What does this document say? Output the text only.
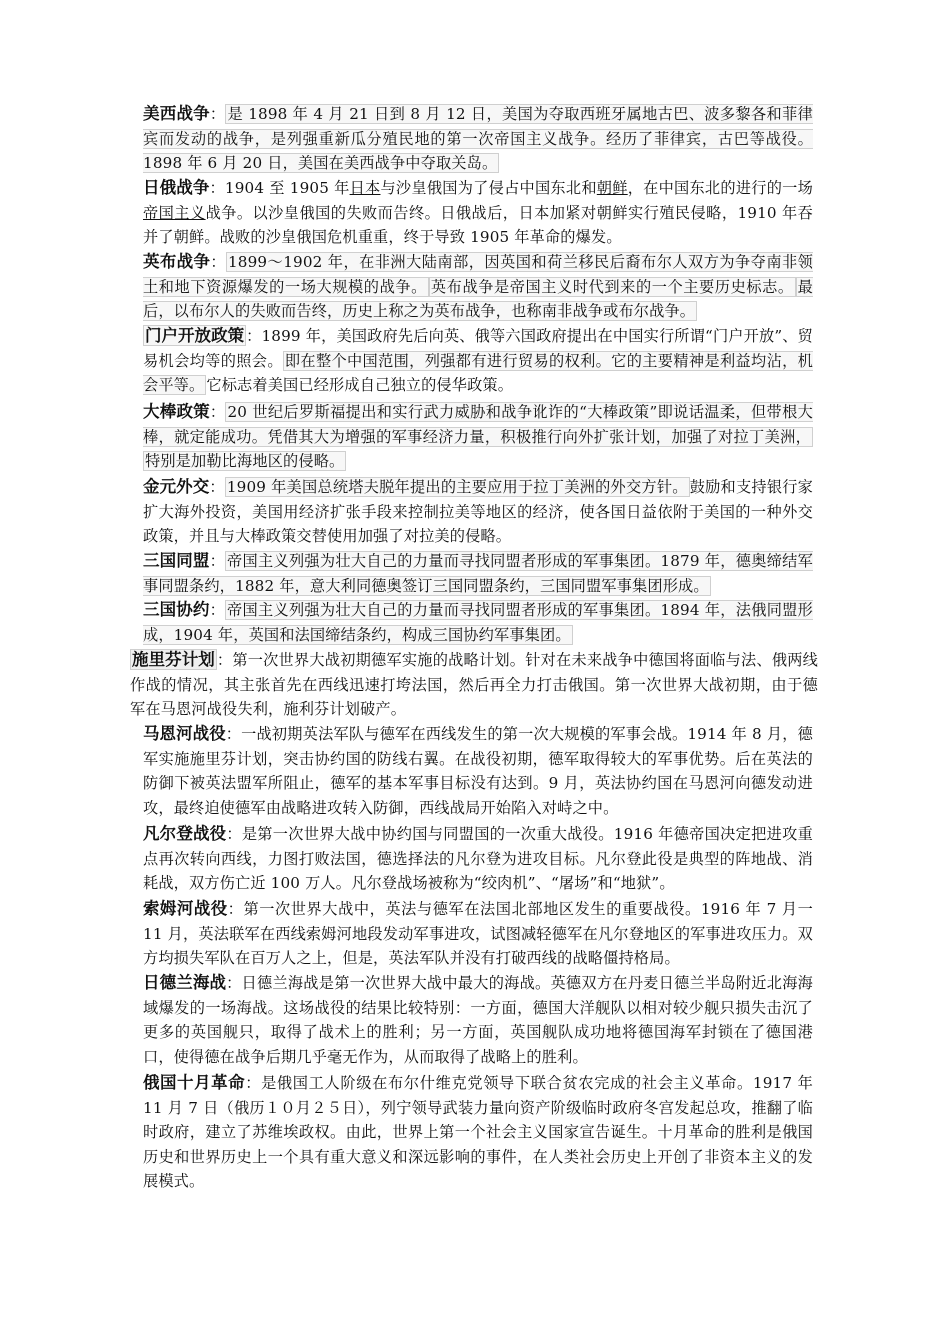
美西战争： 是 1898 年 4 月 21 日到 8 月 12 日，美国为夺取西班牙属地古巴、波多黎各和菲律宾而发动的战争，是列强重新瓜分殖民地的第一次帝国主义战争。经历了菲律宾，古巴等战役。1898 年 6 月 20 日，美国在美西战争中夺取关岛。
日俄战争：1904 至 1905 年日本与沙皇俄国为了侵占中国东北和朝鲜，在中国东北的进行的一场帝国主义战争。以沙皇俄国的失败而告终。日俄战后，日本加紧对朝鲜实行殖民侵略，1910 年吞并了朝鲜。战败的沙皇俄国危机重重，终于导致 1905 年革命的爆发。
英布战争： 1899～1902 年，在非洲大陆南部，因英国和荷兰移民后裔布尔人双方为争夺南非领土和地下资源爆发的一场大规模的战争。 英布战争是帝国主义时代到来的一个主要历史标志。 最后，以布尔人的失败而告终，历史上称之为英布战争，也称南非战争或布尔战争。
门户开放政策 ：1899 年，美国政府先后向英、俄等六国政府提出在中国实行所谓“门户开放”、贸易机会均等的照会。 即在整个中国范围，列强都有进行贸易的权利。它的主要精神是利益均沾，机会平等。 它标志着美国已经形成自己独立的侵华政策。
大棒政策： 20 世纪后罗斯福提出和实行武力威胁和战争讹诈的“大棒政策”即说话温柔，但带根大棒，就定能成功。凭借其大为增强的军事经济力量，积极推行向外扩张计划，加强了对拉丁美洲，特别是加勒比海地区的侵略。
金元外交： 1909 年美国总统塔夫脱年提出的主要应用于拉丁美洲的外交方针。 鼓励和支持银行家扩大海外投资，美国用经济扩张手段来控制拉美等地区的经济，使各国日益依附于美国的一种外交政策，并且与大棒政策交替使用加强了对拉美的侵略。
三国同盟： 帝国主义列强为壮大自己的力量而寻找同盟者形成的军事集团。1879 年，德奥缔结军事同盟条约，1882 年，意大利同德奥签订三国同盟条约，三国同盟军事集团形成。
三国协约： 帝国主义列强为壮大自己的力量而寻找同盟者形成的军事集团。1894 年，法俄同盟形成，1904 年，英国和法国缔结条约，构成三国协约军事集团。
施里芬计划 ：第一次世界大战初期德军实施的战略计划。针对在未来战争中德国将面临与法、俄两线作战的情况，其主张首先在西线迅速打垮法国，然后再全力打击俄国。第一次世界大战初期，由于德军在马恩河战役失利，施利芬计划破产。
马恩河战役：一战初期英法军队与德军在西线发生的第一次大规模的军事会战。1914 年 8 月，德军实施施里芬计划，突击协约国的防线右翼。在战役初期，德军取得较大的军事优势。后在英法的防御下被英法盟军所阻止，德军的基本军事目标没有达到。9 月，英法协约国在马恩河向德发动进攻，最终迫使德军由战略进攻转入防御，西线战局开始陷入对峙之中。
凡尔登战役：是第一次世界大战中协约国与同盟国的一次重大战役。1916 年德帝国决定把进攻重点再次转向西线，力图打败法国，德选择法的凡尔登为进攻目标。凡尔登此役是典型的阵地战、消耗战，双方伤亡近 100 万人。凡尔登战场被称为“绞肉机”、“屠场”和“地狱”。
索姆河战役：第一次世界大战中，英法与德军在法国北部地区发生的重要战役。1916 年 7 月一 11 月，英法联军在西线索姆河地段发动军事进攻，试图减轻德军在凡尔登地区的军事进攻压力。双方均损失军队在百万人之上，但是，英法军队并没有打破西线的战略僵持格局。
日德兰海战：日德兰海战是第一次世界大战中最大的海战。英德双方在丹麦日德兰半岛附近北海海域爆发的一场海战。这场战役的结果比较特别：一方面，德国大洋舰队以相对较少舰只损失击沉了更多的英国舰只，取得了战术上的胜利；另一方面，英国舰队成功地将德国海军封锁在了德国港口，使得德在战争后期几乎毫无作为，从而取得了战略上的胜利。
俄国十月革命：是俄国工人阶级在布尔什维克党领导下联合贫农完成的社会主义革命。1917 年 11 月 7 日（俄历１０月２５日），列宁领导武装力量向资产阶级临时政府冬宫发起总攻，推翻了临时政府，建立了苏维埃政权。由此，世界上第一个社会主义国家宣告诞生。十月革命的胜利是俄国历史和世界历史上一个具有重大意义和深远影响的事件，在人类社会历史上开创了非资本主义的发展模式。
